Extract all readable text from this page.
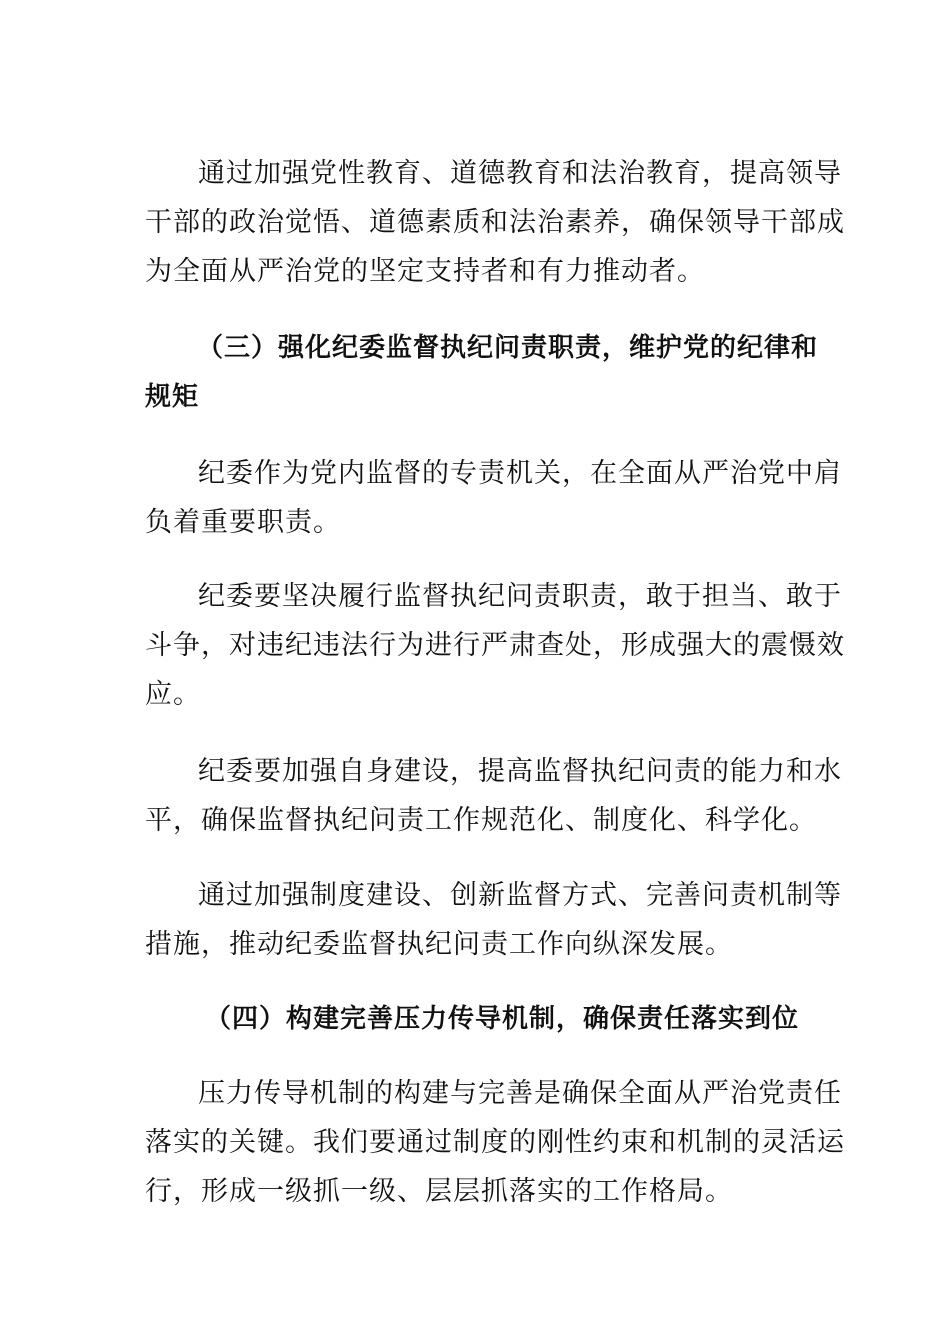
通过加强党性教育、道德教育和法治教育，提高领导
干部的政治觉悟、道德素质和法治素养，确保领导干部成
为全面从严治党的坚定支持者和有力推动者。
（三）强化纪委监督执纪问责职责，维护党的纪律和
规矩
纪委作为党内监督的专责机关，在全面从严治党中肩
负着重要职责。
纪委要坚决履行监督执纪问责职责，敢于担当、敢于
斗争，对违纪违法行为进行严肃查处，形成强大的震慑效
应。
纪委要加强自身建设，提高监督执纪问责的能力和水
平，确保监督执纪问责工作规范化、制度化、科学化。
通过加强制度建设、创新监督方式、完善问责机制等
措施，推动纪委监督执纪问责工作向纵深发展。
（四）构建完善压力传导机制，确保责任落实到位
压力传导机制的构建与完善是确保全面从严治党责任
落实的关键。我们要通过制度的刚性约束和机制的灵活运
行，形成一级抓一级、层层抓落实的工作格局。
